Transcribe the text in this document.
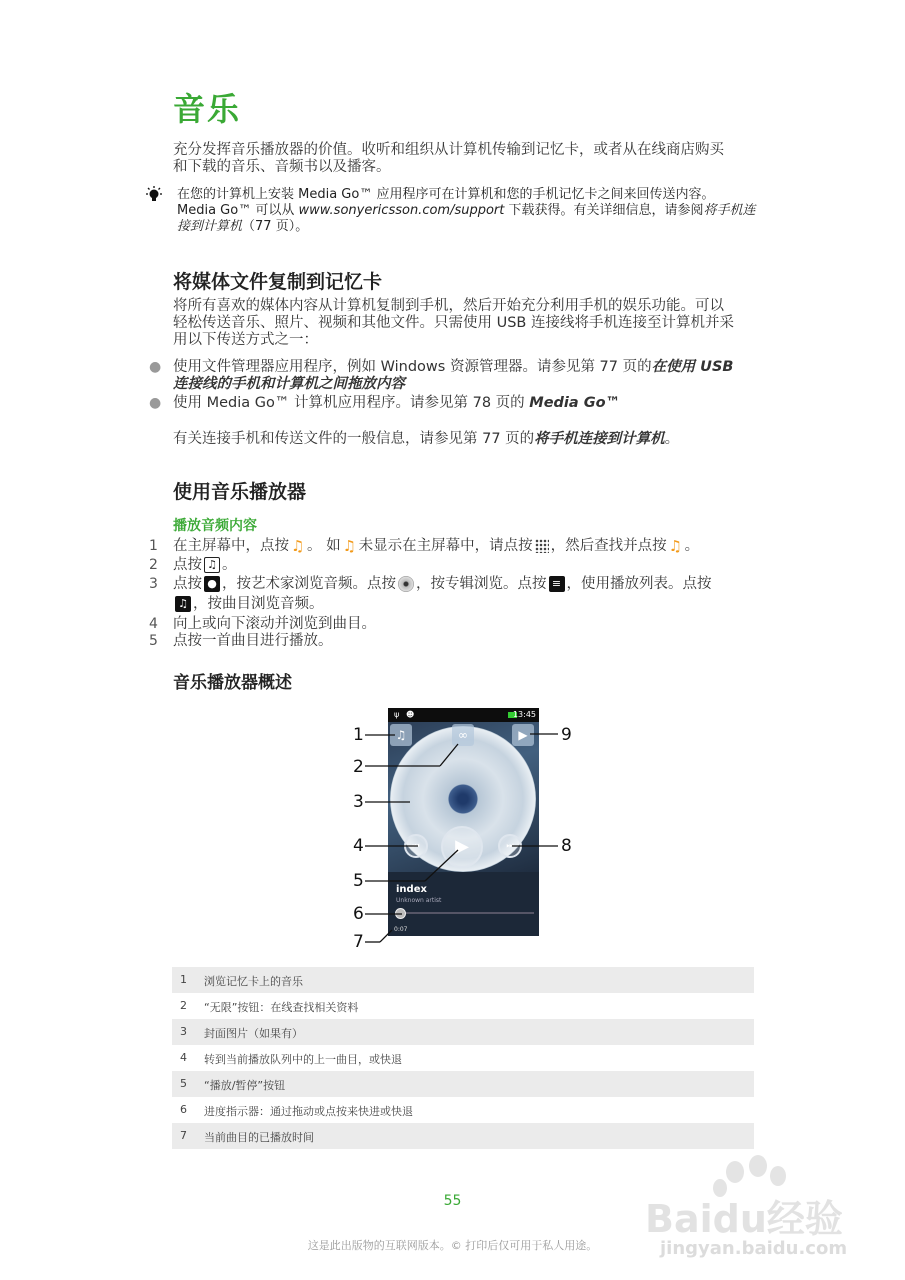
音乐
充分发挥音乐播放器的价值。收听和组织从计算机传输到记忆卡，或者从在线商店购买
和下载的音乐、音频书以及播客。
在您的计算机上安装 Media Go™ 应用程序可在计算机和您的手机记忆卡之间来回传送内容。
Media Go™ 可以从 www.sonyericsson.com/support 下载获得。有关详细信息，请参阅将手机连
接到计算机（77 页）。
将媒体文件复制到记忆卡
将所有喜欢的媒体内容从计算机复制到手机，然后开始充分利用手机的娱乐功能。可以
轻松传送音乐、照片、视频和其他文件。只需使用 USB 连接线将手机连接至计算机并采
用以下传送方式之一：
● 使用文件管理器应用程序，例如 Windows 资源管理器。请参见第 77 页的在使用 USB
连接线的手机和计算机之间拖放内容
● 使用 Media Go™ 计算机应用程序。请参见第 78 页的 Media Go™
有关连接手机和传送文件的一般信息，请参见第 77 页的将手机连接到计算机。
使用音乐播放器
播放音频内容
1 在主屏幕中，点按 ♫ 。 如 ♫ 未显示在主屏幕中，请点按 ，然后查找并点按 ♫ 。
2 点按 ♫ 。
3 点按 ● ，按艺术家浏览音频。点按 ，按专辑浏览。点按 ≡ ，使用播放列表。点按
♫ ，按曲目浏览音频。
4 向上或向下滚动并浏览到曲目。
5 点按一首曲目进行播放。
音乐播放器概述
ψ ☻	13:45
♫	∞	▶
⏮	▶	⏭
index
Unknown artist
0:07
1
2
3
4
5
6
7
8
9
1 浏览记忆卡上的音乐
2 “无限”按钮：在线查找相关资料
3 封面图片（如果有）
4 转到当前播放队列中的上一曲目，或快退
5 “播放/暂停”按钮
6 进度指示器：通过拖动或点按来快进或快退
7 当前曲目的已播放时间
55
这是此出版物的互联网版本。© 打印后仅可用于私人用途。
Baidu经验
jingyan.baidu.com
